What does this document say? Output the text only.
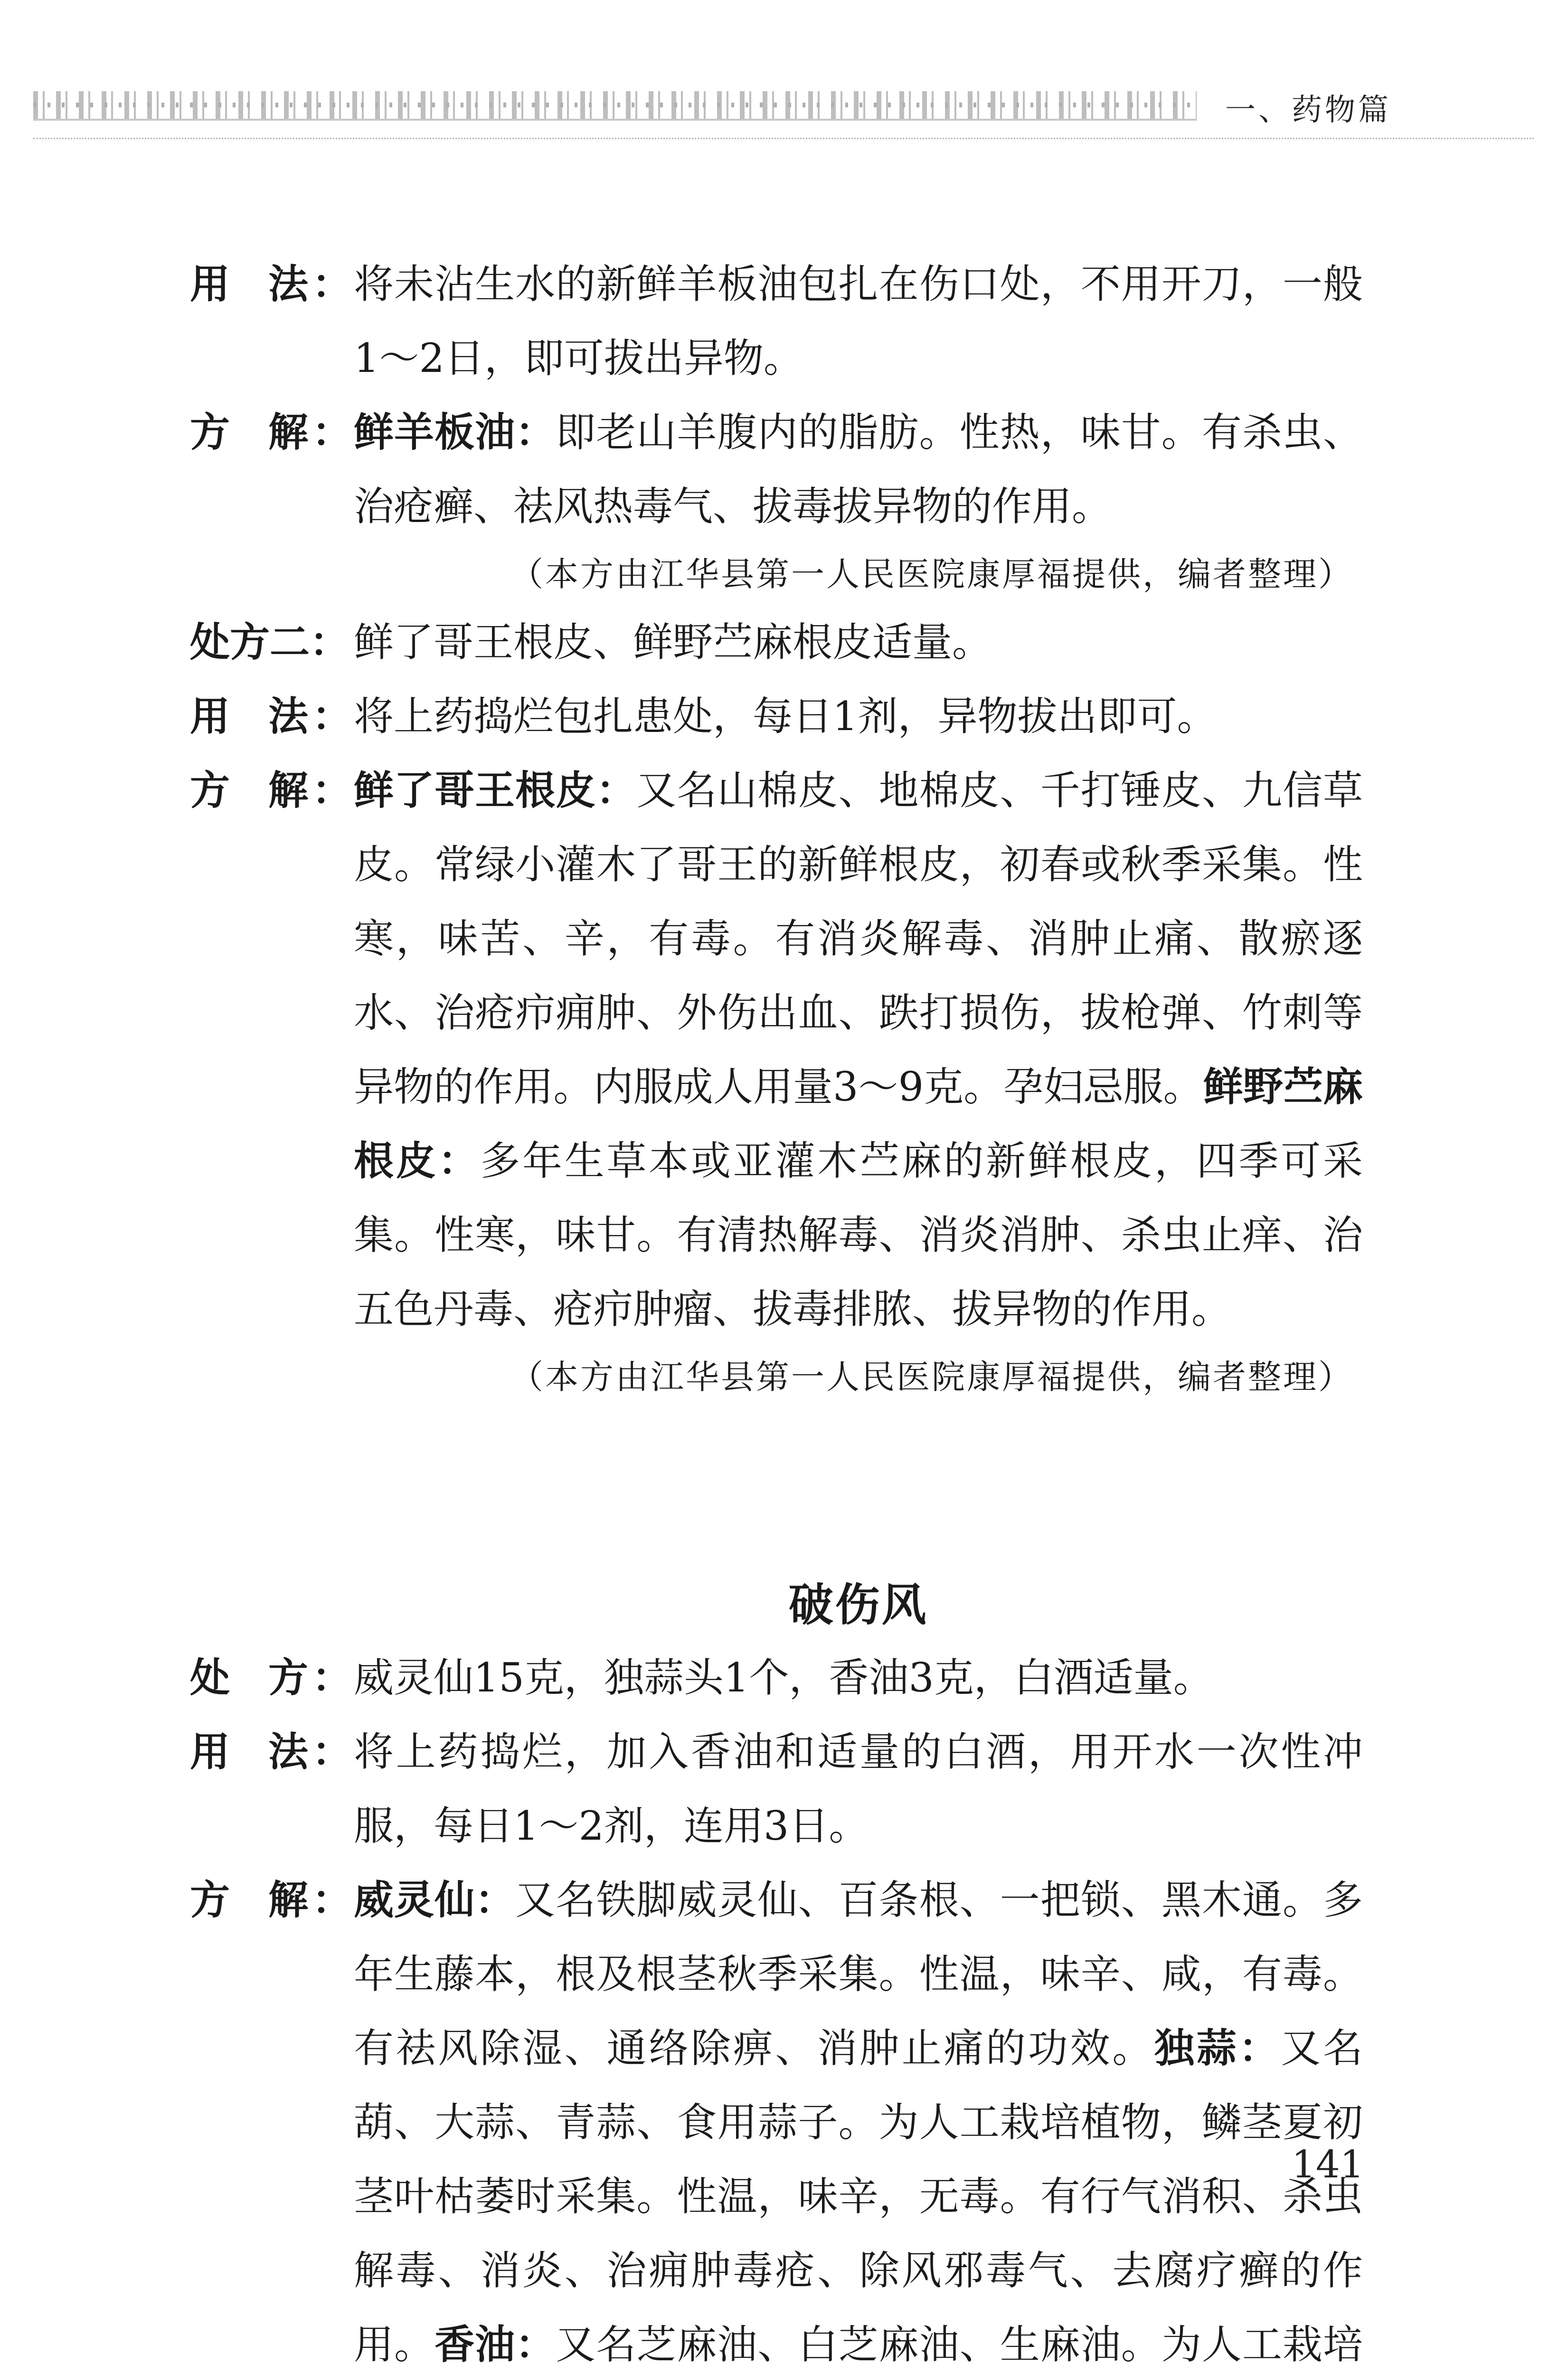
一、药物篇
用 法： 将未沾生水的新鲜羊板油包扎在伤口处，不用开刀，一般1～2日，即可拔出异物。
方 解： 鲜羊板油：即老山羊腹内的脂肪。性热，味甘。有杀虫、治疮癣、祛风热毒气、拔毒拔异物的作用。
（本方由江华县第一人民医院康厚福提供，编者整理）
处方二： 鲜了哥王根皮、鲜野苎麻根皮适量。
用 法： 将上药捣烂包扎患处，每日1剂，异物拔出即可。
方 解： 鲜了哥王根皮：又名山棉皮、地棉皮、千打锤皮、九信草皮。常绿小灌木了哥王的新鲜根皮，初春或秋季采集。性寒，味苦、辛，有毒。有消炎解毒、消肿止痛、散瘀逐水、治疮疖痈肿、外伤出血、跌打损伤，拔枪弹、竹刺等异物的作用。内服成人用量3～9克。孕妇忌服。鲜野苎麻根皮：多年生草本或亚灌木苎麻的新鲜根皮，四季可采集。性寒，味甘。有清热解毒、消炎消肿、杀虫止痒、治五色丹毒、疮疖肿瘤、拔毒排脓、拔异物的作用。
（本方由江华县第一人民医院康厚福提供，编者整理）
破伤风
处 方： 威灵仙15克，独蒜头1个，香油3克，白酒适量。
用 法： 将上药捣烂，加入香油和适量的白酒，用开水一次性冲服，每日1～2剂，连用3日。
方 解： 威灵仙：又名铁脚威灵仙、百条根、一把锁、黑木通。多年生藤本，根及根茎秋季采集。性温，味辛、咸，有毒。有祛风除湿、通络除痹、消肿止痛的功效。独蒜：又名葫、大蒜、青蒜、食用蒜子。为人工栽培植物，鳞茎夏初茎叶枯萎时采集。性温，味辛，无毒。有行气消积、杀虫解毒、消炎、治痈肿毒疮、除风邪毒气、去腐疗癣的作用。香油：又名芝麻油、白芝麻油、生麻油。为人工栽培
141
